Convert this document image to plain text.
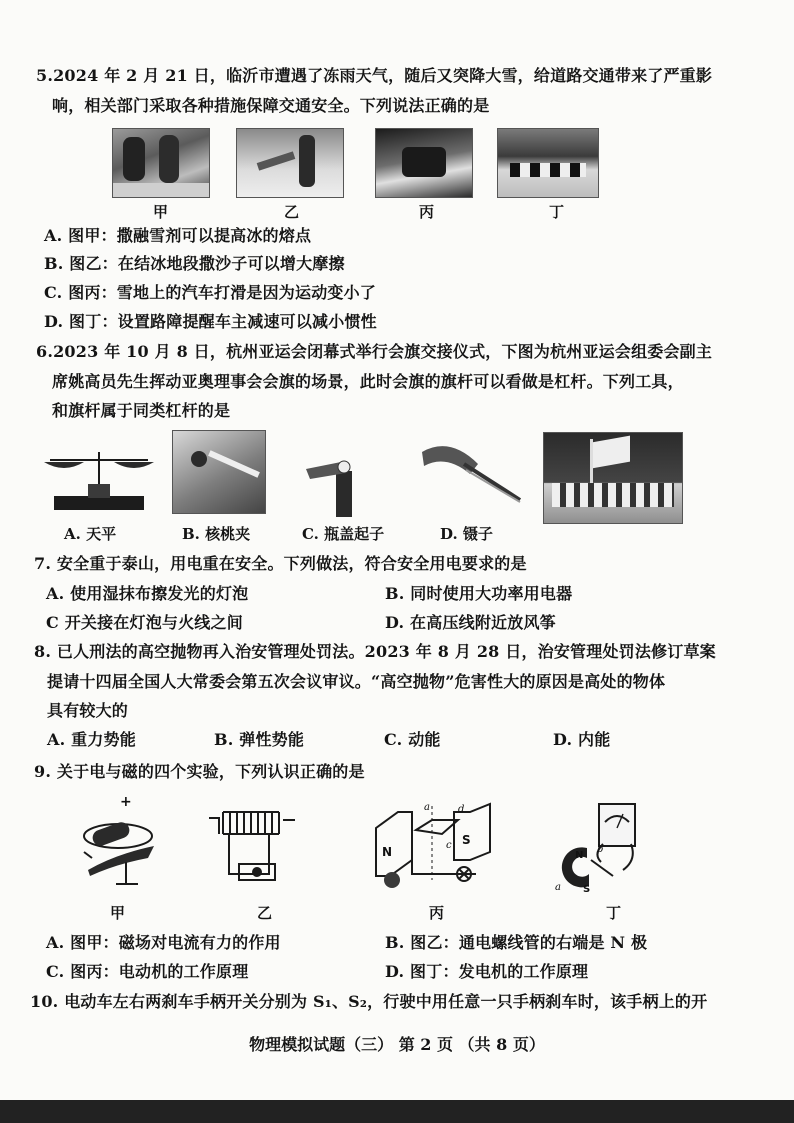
5.2024 年 2 月 21 日，临沂市遭遇了冻雨天气，随后又突降大雪，给道路交通带来了严重影
响，相关部门采取各种措施保障交通安全。下列说法正确的是
甲	乙	丙	丁
A. 图甲：撒融雪剂可以提高冰的熔点
B. 图乙：在结冰地段撒沙子可以增大摩擦
C. 图丙：雪地上的汽车打滑是因为运动变小了
D. 图丁：设置路障提醒车主减速可以减小惯性
6.2023 年 10 月 8 日，杭州亚运会闭幕式举行会旗交接仪式，下图为杭州亚运会组委会副主
席姚高员先生挥动亚奥理事会会旗的场景，此时会旗的旗杆可以看做是杠杆。下列工具，
和旗杆属于同类杠杆的是
A. 天平	B. 核桃夹	C. 瓶盖起子	D. 镊子
7. 安全重于泰山，用电重在安全。下列做法，符合安全用电要求的是
A. 使用湿抹布擦发光的灯泡	B. 同时使用大功率用电器
C 开关接在灯泡与火线之间	D. 在高压线附近放风筝
8. 已人刑法的高空抛物再入治安管理处罚法。2023 年 8 月 28 日，治安管理处罚法修订草案
提请十四届全国人大常委会第五次会议审议。“高空抛物”危害性大的原因是高处的物体
具有较大的
A. 重力势能	B. 弹性势能	C. 动能	D. 内能
9. 关于电与磁的四个实验，下列认识正确的是
+
N
S
a	d
c
N
S
b
a
甲	乙	丙	丁
A. 图甲：磁场对电流有力的作用	B. 图乙：通电螺线管的右端是 N 极
C. 图丙：电动机的工作原理	D. 图丁：发电机的工作原理
10. 电动车左右两刹车手柄开关分别为 S₁、S₂，行驶中用任意一只手柄刹车时，该手柄上的开
物理模拟试题（三） 第 2 页 （共 8 页）
